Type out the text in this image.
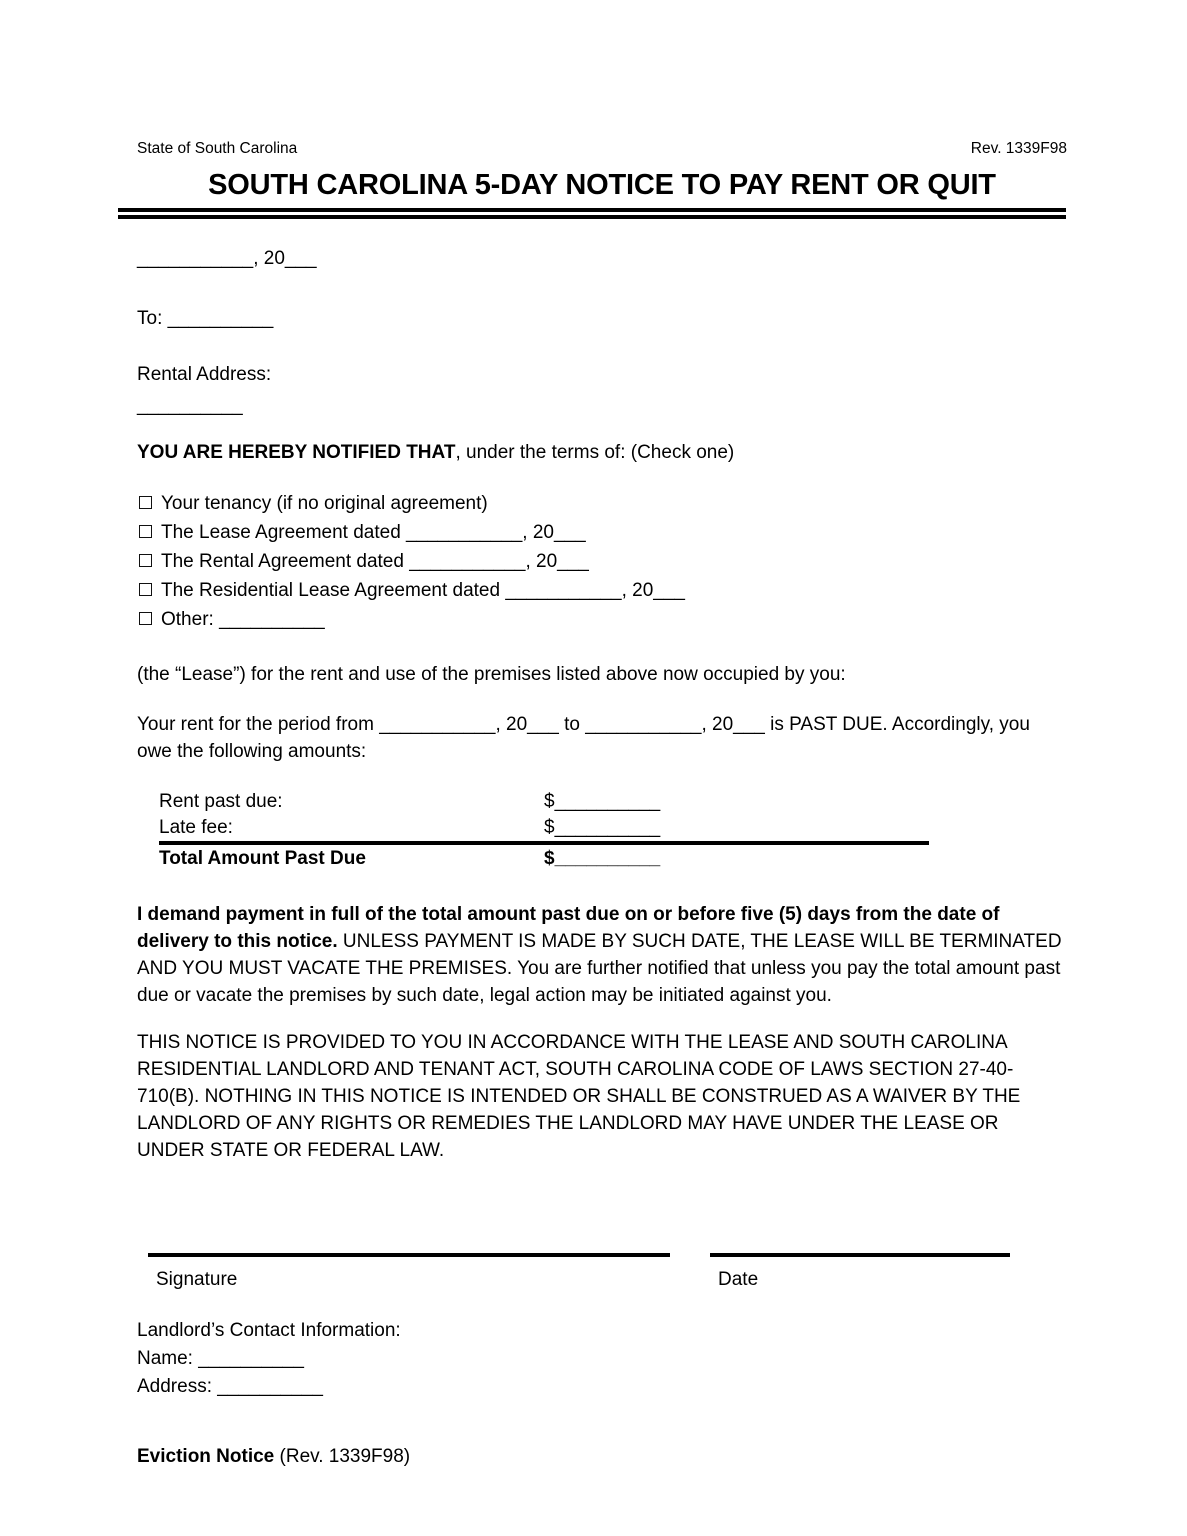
State of South Carolina	Rev. 1339F98
SOUTH CAROLINA 5-DAY NOTICE TO PAY RENT OR QUIT
___________, 20___
To: __________
Rental Address:
__________
YOU ARE HEREBY NOTIFIED THAT, under the terms of: (Check one)
Your tenancy (if no original agreement)
The Lease Agreement dated ___________, 20___
The Rental Agreement dated ___________, 20___
The Residential Lease Agreement dated ___________, 20___
Other: __________
(the “Lease”) for the rent and use of the premises listed above now occupied by you:
Your rent for the period from ___________, 20___ to ___________, 20___ is PAST DUE. Accordingly, you owe the following amounts:
Rent past due:	$__________
Late fee:	$__________
Total Amount Past Due	$__________
I demand payment in full of the total amount past due on or before five (5) days from the date of delivery to this notice. UNLESS PAYMENT IS MADE BY SUCH DATE, THE LEASE WILL BE TERMINATED AND YOU MUST VACATE THE PREMISES. You are further notified that unless you pay the total amount past due or vacate the premises by such date, legal action may be initiated against you.
THIS NOTICE IS PROVIDED TO YOU IN ACCORDANCE WITH THE LEASE AND SOUTH CAROLINA RESIDENTIAL LANDLORD AND TENANT ACT, SOUTH CAROLINA CODE OF LAWS SECTION 27-40-710(B). NOTHING IN THIS NOTICE IS INTENDED OR SHALL BE CONSTRUED AS A WAIVER BY THE LANDLORD OF ANY RIGHTS OR REMEDIES THE LANDLORD MAY HAVE UNDER THE LEASE OR UNDER STATE OR FEDERAL LAW.
Signature	Date
Landlord’s Contact Information:
Name: __________
Address: __________
Eviction Notice (Rev. 1339F98)
